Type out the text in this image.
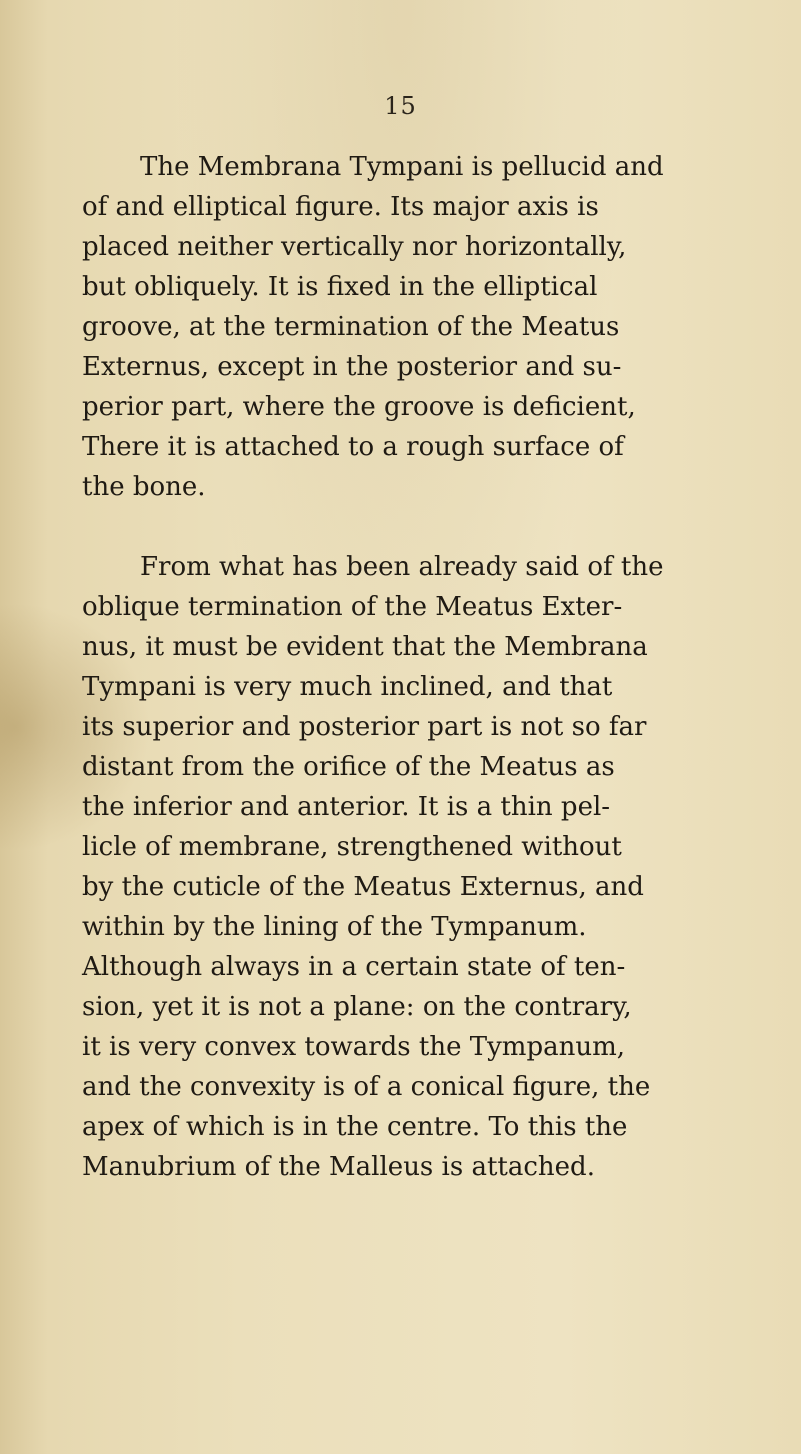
15
The Membrana Tympani is pellucid and
of and elliptical figure. Its major axis is
placed neither vertically nor horizontally,
but obliquely. It is fixed in the elliptical
groove, at the termination of the Meatus
Externus, except in the posterior and su-
perior part, where the groove is deficient,
There it is attached to a rough surface of
the bone.
From what has been already said of the
oblique termination of the Meatus Exter-
nus, it must be evident that the Membrana
Tympani is very much inclined, and that
its superior and posterior part is not so far
distant from the orifice of the Meatus as
the inferior and anterior. It is a thin pel-
licle of membrane, strengthened without
by the cuticle of the Meatus Externus, and
within by the lining of the Tympanum.
Although always in a certain state of ten-
sion, yet it is not a plane: on the contrary,
it is very convex towards the Tympanum,
and the convexity is of a conical figure, the
apex of which is in the centre. To this the
Manubrium of the Malleus is attached.
